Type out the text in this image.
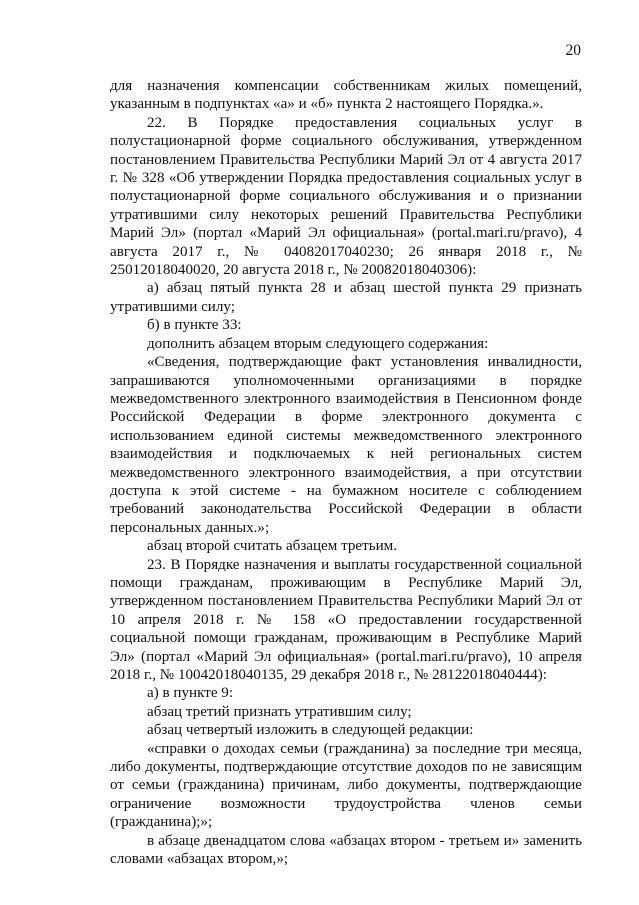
20

для назначения компенсации собственникам жилых помещений, указанным в подпунктах «а» и «б» пункта 2 настоящего Порядка.».

22. В Порядке предоставления социальных услуг в полустационарной форме социального обслуживания, утвержденном постановлением Правительства Республики Марий Эл от 4 августа 2017 г. № 328 «Об утверждении Порядка предоставления социальных услуг в полустационарной форме социального обслуживания и о признании утратившими силу некоторых решений Правительства Республики Марий Эл» (портал «Марий Эл официальная» (portal.mari.ru/pravo), 4 августа 2017 г., № 04082017040230; 26 января 2018 г., № 25012018040020, 20 августа 2018 г., № 20082018040306):

а) абзац пятый пункта 28 и абзац шестой пункта 29 признать утратившими силу;

б) в пункте 33:

дополнить абзацем вторым следующего содержания:

«Сведения, подтверждающие факт установления инвалидности, запрашиваются уполномоченными организациями в порядке межведомственного электронного взаимодействия в Пенсионном фонде Российской Федерации в форме электронного документа с использованием единой системы межведомственного электронного взаимодействия и подключаемых к ней региональных систем межведомственного электронного взаимодействия, а при отсутствии доступа к этой системе - на бумажном носителе с соблюдением требований законодательства Российской Федерации в области персональных данных.»;

абзац второй считать абзацем третьим.

23. В Порядке назначения и выплаты государственной социальной помощи гражданам, проживающим в Республике Марий Эл, утвержденном постановлением Правительства Республики Марий Эл от 10 апреля 2018 г. № 158 «О предоставлении государственной социальной помощи гражданам, проживающим в Республике Марий Эл» (портал «Марий Эл официальная» (portal.mari.ru/pravo), 10 апреля 2018 г., № 10042018040135, 29 декабря 2018 г., № 28122018040444):

а) в пункте 9:

абзац третий признать утратившим силу;

абзац четвертый изложить в следующей редакции:

«справки о доходах семьи (гражданина) за последние три месяца, либо документы, подтверждающие отсутствие доходов по не зависящим от семьи (гражданина) причинам, либо документы, подтверждающие ограничение возможности трудоустройства членов семьи (гражданина);»;

в абзаце двенадцатом слова «абзацах втором - третьем и» заменить словами «абзацах втором,»;
